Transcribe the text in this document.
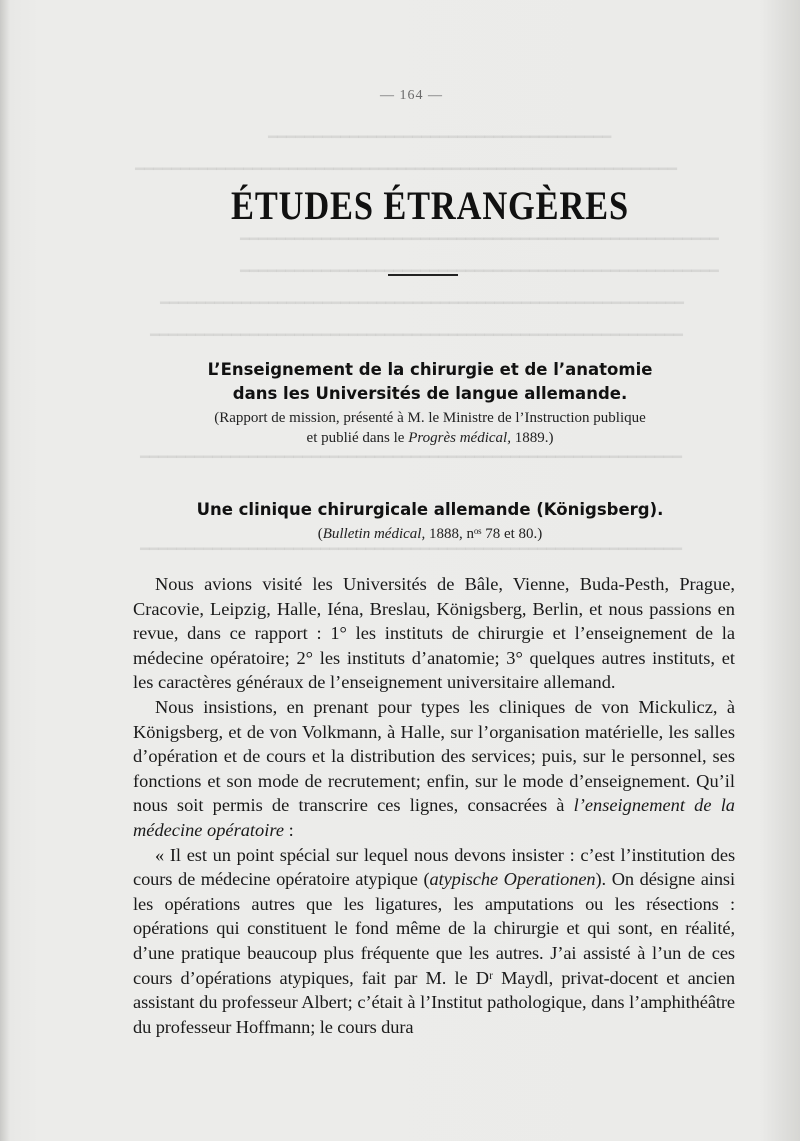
━━━━━━━━━━━━━━━━━━━━━━━━━━━━━━━━━━━━━━
━━━━━━━━━━━━━━━━━━━━━━━━━━━━━━━━━━━━━━━━━━━━━━━━━━━━━━━━━━━━
━━━━━━━━━━━━━━━━━━━━━━━━━━━━━━━━━━━━━━━━━━━━━━━━━━━━━
━━━━━━━━━━━━━━━━━━━━━━━━━━━━━━━━━━━━━━━━━━━━━━━━━━━━━
━━━━━━━━━━━━━━━━━━━━━━━━━━━━━━━━━━━━━━━━━━━━━━━━━━━━━━━━━━
━━━━━━━━━━━━━━━━━━━━━━━━━━━━━━━━━━━━━━━━━━━━━━━━━━━━━━━━━━━
━━━━━━━━━━━━━━━━━━━━━━━━━━━━━━━━━━━━━━━━━━━━━━━━━━━━━━━━━━━━
━━━━━━━━━━━━━━━━━━━━━━━━━━━━━━━━━━━━━━━━━━━━━━━━━━━━━━━━━━━━
— 164 —
ÉTUDES ÉTRANGÈRES
L’Enseignement de la chirurgie et de l’anatomie
dans les Universités de langue allemande.
(Rapport de mission, présenté à M. le Ministre de l’Instruction publique
et publié dans le Progrès médical, 1889.)
Une clinique chirurgicale allemande (Königsberg).
(Bulletin médical, 1888, nᵒˢ 78 et 80.)

Nous avions visité les Universités de Bâle, Vienne, Buda-Pesth, Prague, Cracovie, Leipzig, Halle, Iéna, Breslau, Königsberg, Berlin, et nous passions en revue, dans ce rapport : 1° les instituts de chirurgie et l’enseignement de la médecine opératoire; 2° les instituts d’anatomie; 3° quelques autres instituts, et les caractères généraux de l’enseignement universitaire allemand.

Nous insistions, en prenant pour types les cliniques de von Mickulicz, à Königsberg, et de von Volkmann, à Halle, sur l’organisation matérielle, les salles d’opération et de cours et la distribution des services; puis, sur le personnel, ses fonctions et son mode de recrutement; enfin, sur le mode d’enseignement. Qu’il nous soit permis de transcrire ces lignes, consacrées à l’enseignement de la médecine opératoire :

« Il est un point spécial sur lequel nous devons insister : c’est l’institution des cours de médecine opératoire atypique (atypische Operationen). On désigne ainsi les opérations autres que les ligatures, les amputations ou les résections : opérations qui constituent le fond même de la chirurgie et qui sont, en réalité, d’une pratique beaucoup plus fréquente que les autres. J’ai assisté à l’un de ces cours d’opérations atypiques, fait par M. le Dʳ Maydl, privat-docent et ancien assistant du professeur Albert; c’était à l’Institut pathologique, dans l’amphithéâtre du professeur Hoffmann; le cours dura
